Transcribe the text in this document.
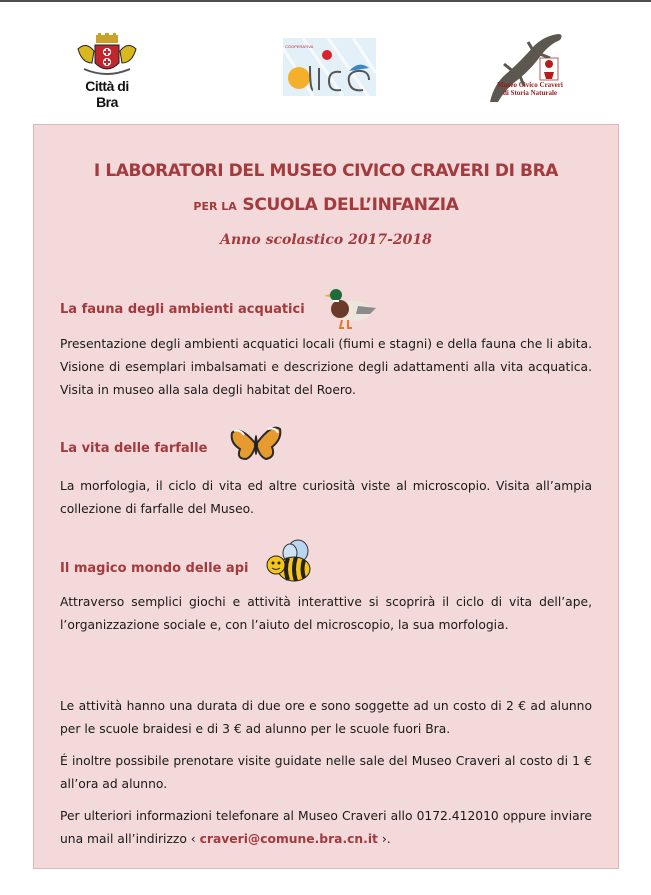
Città di Bra
COOPERATIVA
Museo Civico Craveri
di Storia Naturale
I LABORATORI DEL MUSEO CIVICO CRAVERI DI BRA
PER LA SCUOLA DELL’INFANZIA
Anno scolastico 2017-2018
La fauna degli ambienti acquatici
Presentazione degli ambienti acquatici locali (fiumi e stagni) e della fauna che li abita. Visione di esemplari imbalsamati e descrizione degli adattamenti alla vita acquatica. Visita in museo alla sala degli habitat del Roero.
La vita delle farfalle
La morfologia, il ciclo di vita ed altre curiosità viste al microscopio. Visita all’ampia collezione di farfalle del Museo.
Il magico mondo delle api
Attraverso semplici giochi e attività interattive si scoprirà il ciclo di vita dell’ape, l’organizzazione sociale e, con l’aiuto del microscopio, la sua morfologia.
Le attività hanno una durata di due ore e sono soggette ad un costo di 2 € ad alunno per le scuole braidesi e di 3 € ad alunno per le scuole fuori Bra.
É inoltre possibile prenotare visite guidate nelle sale del Museo Craveri al costo di 1 € all’ora ad alunno.
Per ulteriori informazioni telefonare al Museo Craveri allo 0172.412010 oppure inviare una mail all’indirizzo ‹ craveri@comune.bra.cn.it ›.
